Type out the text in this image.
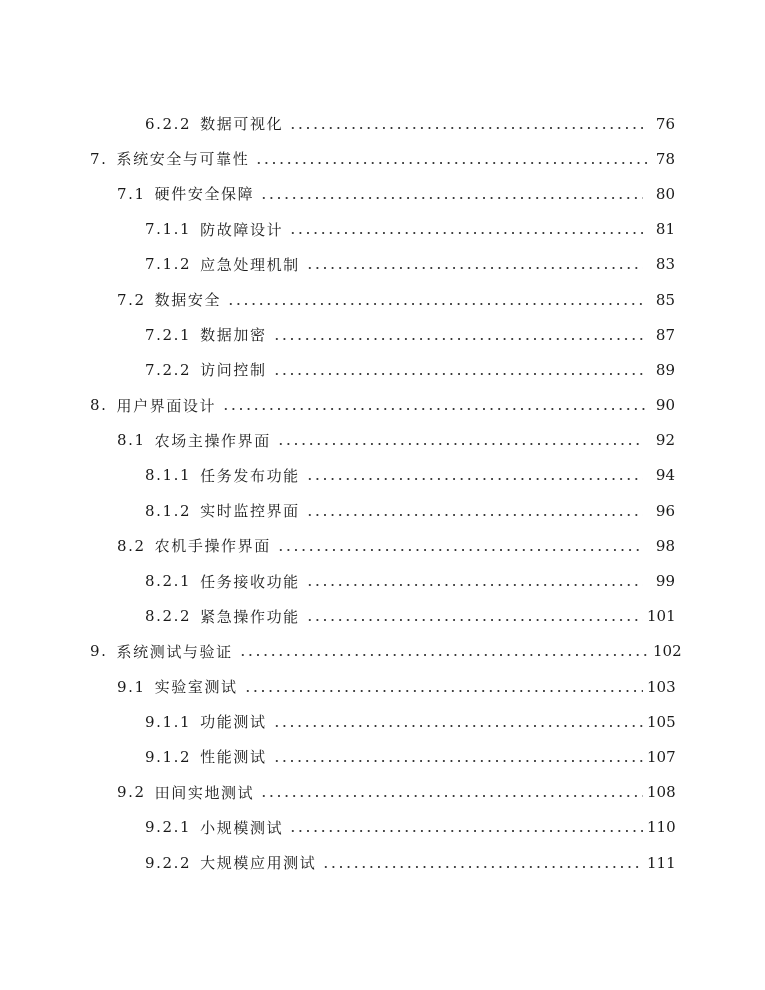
6.2.2 数据可视化	76
7. 系统安全与可靠性	78
7.1 硬件安全保障	80
7.1.1 防故障设计	81
7.1.2 应急处理机制	83
7.2 数据安全	85
7.2.1 数据加密	87
7.2.2 访问控制	89
8. 用户界面设计	90
8.1 农场主操作界面	92
8.1.1 任务发布功能	94
8.1.2 实时监控界面	96
8.2 农机手操作界面	98
8.2.1 任务接收功能	99
8.2.2 紧急操作功能	101
9. 系统测试与验证	102
9.1 实验室测试	103
9.1.1 功能测试	105
9.1.2 性能测试	107
9.2 田间实地测试	108
9.2.1 小规模测试	110
9.2.2 大规模应用测试	111
